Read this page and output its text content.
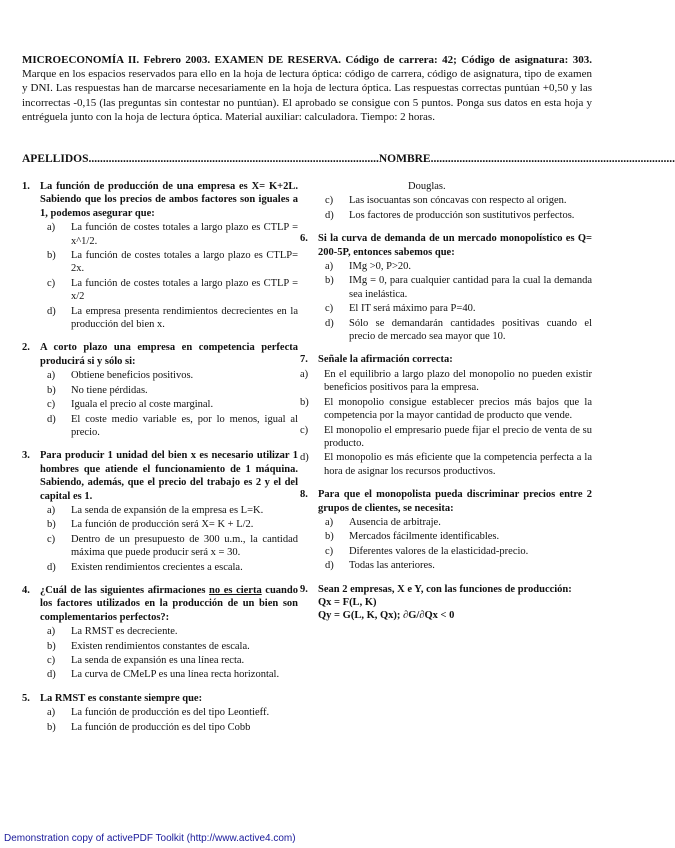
MICROECONOMÍA II. Febrero 2003. EXAMEN DE RESERVA. Código de carrera: 42; Código de asignatura: 303. Marque en los espacios reservados para ello en la hoja de lectura óptica: código de carrera, código de asignatura, tipo de examen y DNI. Las respuestas han de marcarse necesariamente en la hoja de lectura óptica. Las respuestas correctas puntúan +0,50 y las incorrectas -0,15 (las preguntas sin contestar no puntúan). El aprobado se consigue con 5 puntos. Ponga sus datos en esta hoja y entréguela junto con la hoja de lectura óptica. Material auxiliar: calculadora. Tiempo: 2 horas.
APELLIDOS.....................................................................................................NOMBRE.....................................................................................
1. La función de producción de una empresa es X= K+2L. Sabiendo que los precios de ambos factores son iguales a 1, podemos asegurar que:
a)	La función de costes totales a largo plazo es CTLP = x^1/2.
b)	La función de costes totales a largo plazo es CTLP= 2x.
c)	La función de costes totales a largo plazo es CTLP = x/2
d)	La empresa presenta rendimientos decrecientes en la producción del bien x.
2. A corto plazo una empresa en competencia perfecta producirá si y sólo si:
a)	Obtiene beneficios positivos.
b)	No tiene pérdidas.
c)	Iguala el precio al coste marginal.
d)	El coste medio variable es, por lo menos, igual al precio.
3. Para producir 1 unidad del bien x es necesario utilizar 1 hombres que atiende el funcionamiento de 1 máquina. Sabiendo, además, que el precio del trabajo es 2 y el del capital es 1.
a)	La senda de expansión de la empresa es L=K.
b)	La función de producción será X= K + L/2.
c)	Dentro de un presupuesto de 300 u.m., la cantidad máxima que puede producir será x = 30.
d)	Existen rendimientos crecientes a escala.
4. ¿Cuál de las siguientes afirmaciones no es cierta cuando los factores utilizados en la producción de un bien son complementarios perfectos?:
a)	La RMST es decreciente.
b)	Existen rendimientos constantes de escala.
c)	La senda de expansión es una línea recta.
d)	La curva de CMeLP es una línea recta horizontal.
5. La RMST es constante siempre que:
a)	La función de producción es del tipo Leontieff.
b)	La función de producción es del tipo Cobb
Douglas.
c)	Las isocuantas son cóncavas con respecto al origen.
d)	Los factores de producción son sustitutivos perfectos.
6. Si la curva de demanda de un mercado monopolístico es Q= 200-5P, entonces sabemos que:
a)	IMg >0, P>20.
b)	IMg = 0, para cualquier cantidad para la cual la demanda sea inelástica.
c)	El IT será máximo para P=40.
d)	Sólo se demandarán cantidades positivas cuando el precio de mercado sea mayor que 10.
7. Señale la afirmación correcta:
a)	En el equilibrio a largo plazo del monopolio no pueden existir beneficios positivos para la empresa.
b)	El monopolio consigue establecer precios más bajos que la competencia por la mayor cantidad de producto que vende.
c)	El monopolio el empresario puede fijar el precio de venta de su producto.
d)	El monopolio es más eficiente que la competencia perfecta a la hora de asignar los recursos productivos.
8. Para que el monopolista pueda discriminar precios entre 2 grupos de clientes, se necesita:
a)	Ausencia de arbitraje.
b)	Mercados fácilmente identificables.
c)	Diferentes valores de la elasticidad-precio.
d)	Todas las anteriores.
9. Sean 2 empresas, X e Y, con las funciones de producción:
Qx = F(L, K)
Qy = G(L, K, Qx); ∂G/∂Qx < 0
Demonstration copy of activePDF Toolkit (http://www.active4.com)
